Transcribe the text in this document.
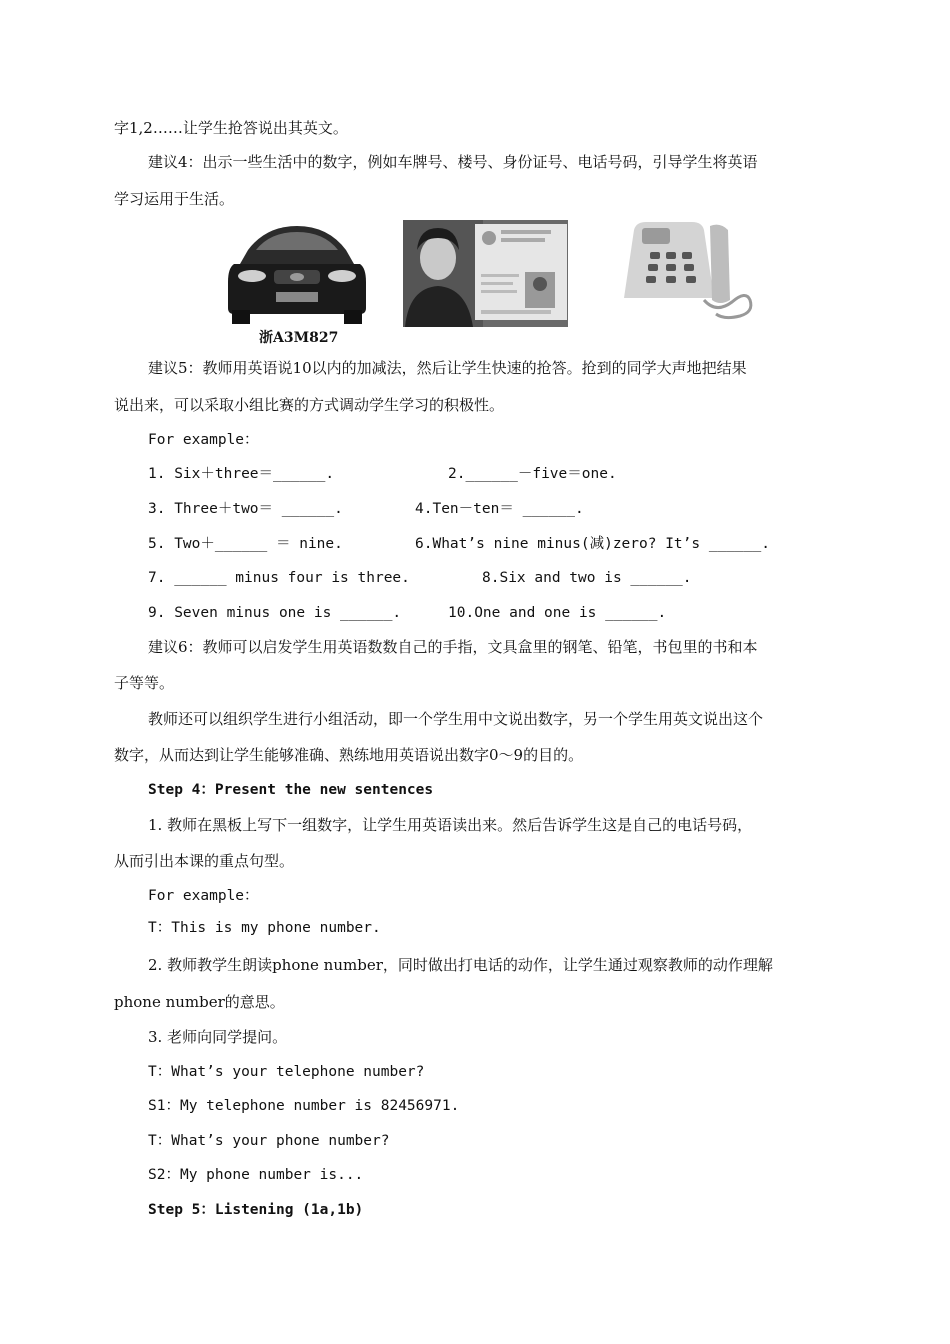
字1,2……让学生抢答说出其英文。
建议4：出示一些生活中的数字，例如车牌号、楼号、身份证号、电话号码，引导学生将英语
学习运用于生活。
浙A3M827
建议5：教师用英语说10以内的加减法，然后让学生快速的抢答。抢到的同学大声地把结果
说出来，可以采取小组比赛的方式调动学生学习的积极性。
For example：
1. Six＋three＝______.	2.______－five＝one.
3. Three＋two＝ ______.	4.Ten－ten＝ ______.
5. Two＋______ ＝ nine.	6.What’s nine minus(减)zero? It’s ______.
7. ______ minus four is three.	8.Six and two is ______.
9. Seven minus one is ______.	10.One and one is ______.
建议6：教师可以启发学生用英语数数自己的手指，文具盒里的钢笔、铅笔，书包里的书和本
子等等。
教师还可以组织学生进行小组活动，即一个学生用中文说出数字，另一个学生用英文说出这个
数字，从而达到让学生能够准确、熟练地用英语说出数字0～9的目的。
Step 4：Present the new sentences
1. 教师在黑板上写下一组数字，让学生用英语读出来。然后告诉学生这是自己的电话号码，
从而引出本课的重点句型。
For example：
T：This is my phone number.
2. 教师教学生朗读phone number，同时做出打电话的动作，让学生通过观察教师的动作理解
phone number的意思。
3. 老师向同学提问。
T：What’s your telephone number?
S1：My telephone number is 82456971.
T：What’s your phone number?
S2：My phone number is...
Step 5：Listening (1a,1b)
